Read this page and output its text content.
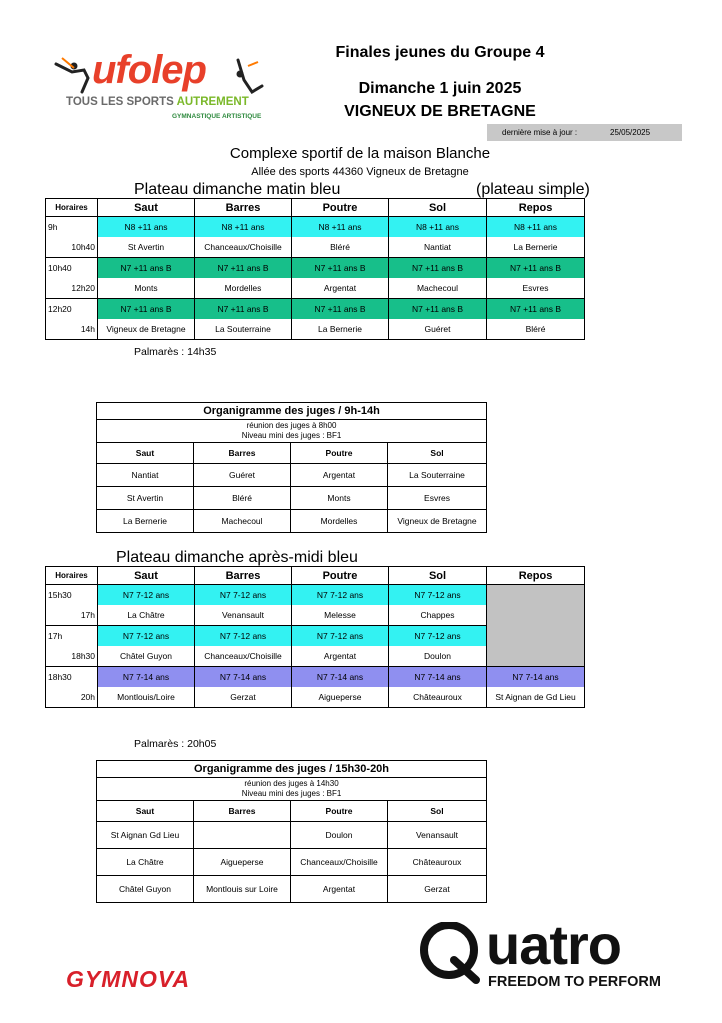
ufolep
TOUS LES SPORTS AUTREMENT
GYMNASTIQUE ARTISTIQUE
Finales jeunes du Groupe 4
Dimanche 1 juin 2025
VIGNEUX DE BRETAGNE
dernière mise à jour :	25/05/2025
Complexe sportif de la maison Blanche
Allée des sports 44360 Vigneux de Bretagne
Plateau dimanche matin bleu	(plateau simple)
Horaires	Saut	Barres	Poutre	Sol	Repos
9h	N8 +11 ans	N8 +11 ans	N8 +11 ans	N8 +11 ans	N8 +11 ans
10h40	St Avertin	Chanceaux/Choisille	Bléré	Nantiat	La Bernerie
10h40	N7 +11 ans B	N7 +11 ans B	N7 +11 ans B	N7 +11 ans B	N7 +11 ans B
12h20	Monts	Mordelles	Argentat	Machecoul	Esvres
12h20	N7 +11 ans B	N7 +11 ans B	N7 +11 ans B	N7 +11 ans B	N7 +11 ans B
14h	Vigneux de Bretagne	La Souterraine	La Bernerie	Guéret	Bléré
Palmarès : 14h35
Organigramme des juges / 9h-14h			

réunion des juges à 8h00
Niveau mini des juges : BF1			

Saut	Barres	Poutre	Sol
Nantiat	Guéret	Argentat	La Souterraine
St Avertin	Bléré	Monts	Esvres
La Bernerie	Machecoul	Mordelles	Vigneux de Bretagne
Plateau dimanche après-midi bleu
Horaires	Saut	Barres	Poutre	Sol	Repos
15h30	N7 7-12 ans	N7 7-12 ans	N7 7-12 ans	N7 7-12 ans	
17h	La Châtre	Venansault	Melesse	Chappes	
17h	N7 7-12 ans	N7 7-12 ans	N7 7-12 ans	N7 7-12 ans	
18h30	Châtel Guyon	Chanceaux/Choisille	Argentat	Doulon	
18h30	N7 7-14 ans	N7 7-14 ans	N7 7-14 ans	N7 7-14 ans	N7 7-14 ans
20h	Montlouis/Loire	Gerzat	Aigueperse	Châteauroux	St Aignan de Gd Lieu
Palmarès : 20h05
Organigramme des juges / 15h30-20h			

réunion des juges à 14h30
Niveau mini des juges : BF1			

Saut	Barres	Poutre	Sol
St Aignan Gd Lieu		Doulon	Venansault
La Châtre	Aigueperse	Chanceaux/Choisille	Châteauroux
Châtel Guyon	Montlouis sur Loire	Argentat	Gerzat
GYMNOVA
uatro
FREEDOM TO PERFORM
